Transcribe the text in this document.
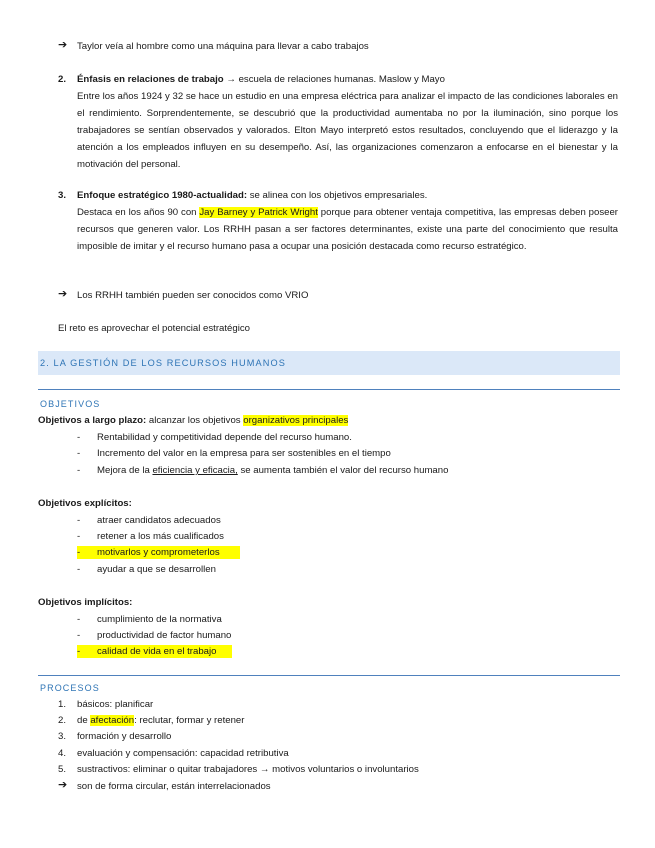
➔ Taylor veía al hombre como una máquina para llevar a cabo trabajos
2. Énfasis en relaciones de trabajo → escuela de relaciones humanas. Maslow y Mayo
Entre los años 1924 y 32 se hace un estudio en una empresa eléctrica para analizar el impacto de las condiciones laborales en el rendimiento. Sorprendentemente, se descubrió que la productividad aumentaba no por la iluminación, sino porque los trabajadores se sentían observados y valorados. Elton Mayo interpretó estos resultados, concluyendo que el liderazgo y la atención a los empleados influyen en su desempeño. Así, las organizaciones comenzaron a enfocarse en el bienestar y la motivación del personal.
3. Enfoque estratégico 1980-actualidad: se alinea con los objetivos empresariales.
Destaca en los años 90 con Jay Barney y Patrick Wright porque para obtener ventaja competitiva, las empresas deben poseer recursos que generen valor. Los RRHH pasan a ser factores determinantes, existe una parte del conocimiento que resulta imposible de imitar y el recurso humano pasa a ocupar una posición destacada como recurso estratégico.
➔ Los RRHH también pueden ser conocidos como VRIO
El reto es aprovechar el potencial estratégico
2. LA GESTIÓN DE LOS RECURSOS HUMANOS
OBJETIVOS
Objetivos a largo plazo: alcanzar los objetivos organizativos principales
- Rentabilidad y competitividad depende del recurso humano.
- Incremento del valor en la empresa para ser sostenibles en el tiempo
- Mejora de la eficiencia y eficacia, se aumenta también el valor del recurso humano
Objetivos explícitos:
- atraer candidatos adecuados
- retener a los más cualificados
- motivarlos y comprometerlos
- ayudar a que se desarrollen
Objetivos implícitos:
- cumplimiento de la normativa
- productividad de factor humano
- calidad de vida en el trabajo
PROCESOS
1. básicos: planificar
2. de afectación: reclutar, formar y retener
3. formación y desarrollo
4. evaluación y compensación: capacidad retributiva
5. sustractivos: eliminar o quitar trabajadores → motivos voluntarios o involuntarios
➔ son de forma circular, están interrelacionados
